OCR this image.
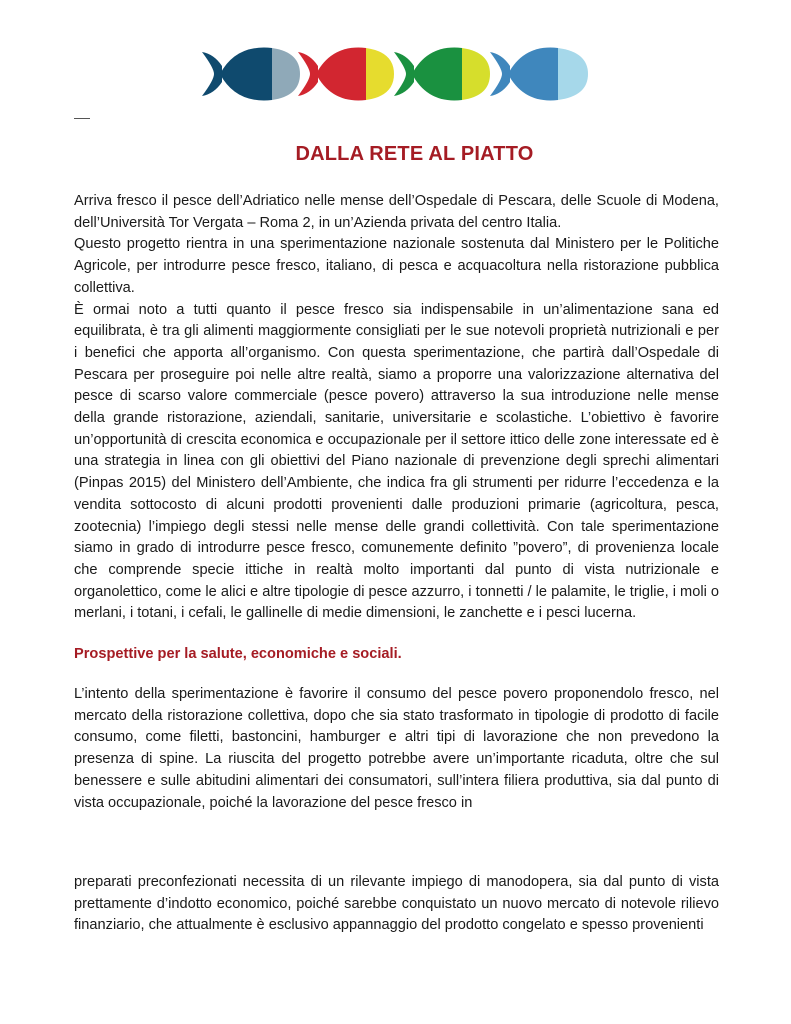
DALLA RETE AL PIATTO

Arriva fresco il pesce dell’Adriatico nelle mense dell’Ospedale di Pescara, delle Scuole di Modena, dell’Università Tor Vergata – Roma 2, in un’Azienda privata del centro Italia.

Questo progetto rientra in una sperimentazione nazionale sostenuta dal Ministero per le Politiche Agricole, per introdurre pesce fresco, italiano, di pesca e acquacoltura nella ristorazione pubblica collettiva.

È ormai noto a tutti quanto il pesce fresco sia indispensabile in un’alimentazione sana ed equilibrata, è tra gli alimenti maggiormente consigliati per le sue notevoli proprietà nutrizionali e per i benefici che apporta all’organismo. Con questa sperimentazione, che partirà dall’Ospedale di Pescara per proseguire poi nelle altre realtà, siamo a proporre una valorizzazione alternativa del pesce di scarso valore commerciale (pesce povero) attraverso la sua introduzione nelle mense della grande ristorazione, aziendali, sanitarie, universitarie e scolastiche. L’obiettivo è favorire un’opportunità di crescita economica e occupazionale per il settore ittico delle zone interessate ed è una strategia in linea con gli obiettivi del Piano nazionale di prevenzione degli sprechi alimentari (Pinpas 2015) del Ministero dell’Ambiente, che indica fra gli strumenti per ridurre l’eccedenza e la vendita sottocosto di alcuni prodotti provenienti dalle produzioni primarie (agricoltura, pesca, zootecnia) l’impiego degli stessi nelle mense delle grandi collettività. Con tale sperimentazione siamo in grado di introdurre pesce fresco, comunemente definito ”povero”, di provenienza locale che comprende specie ittiche in realtà molto importanti dal punto di vista nutrizionale e organolettico, come le alici e altre tipologie di pesce azzurro, i tonnetti / le palamite, le triglie, i moli o merlani, i totani, i cefali, le gallinelle di medie dimensioni, le zanchette e i pesci lucerna.

Prospettive per la salute, economiche e sociali.

L’intento della sperimentazione è favorire il consumo del pesce povero proponendolo fresco, nel mercato della ristorazione collettiva, dopo che sia stato trasformato in tipologie di prodotto di facile consumo, come filetti, bastoncini, hamburger e altri tipi di lavorazione che non prevedono la presenza di spine. La riuscita del progetto potrebbe avere un’importante ricaduta, oltre che sul benessere e sulle abitudini alimentari dei consumatori, sull’intera filiera produttiva, sia dal punto di vista occupazionale, poiché la lavorazione del pesce fresco in

preparati preconfezionati necessita di un rilevante impiego di manodopera, sia dal punto di vista prettamente d’indotto economico, poiché sarebbe conquistato un nuovo mercato di notevole rilievo finanziario, che attualmente è esclusivo appannaggio del prodotto congelato e spesso provenienti
